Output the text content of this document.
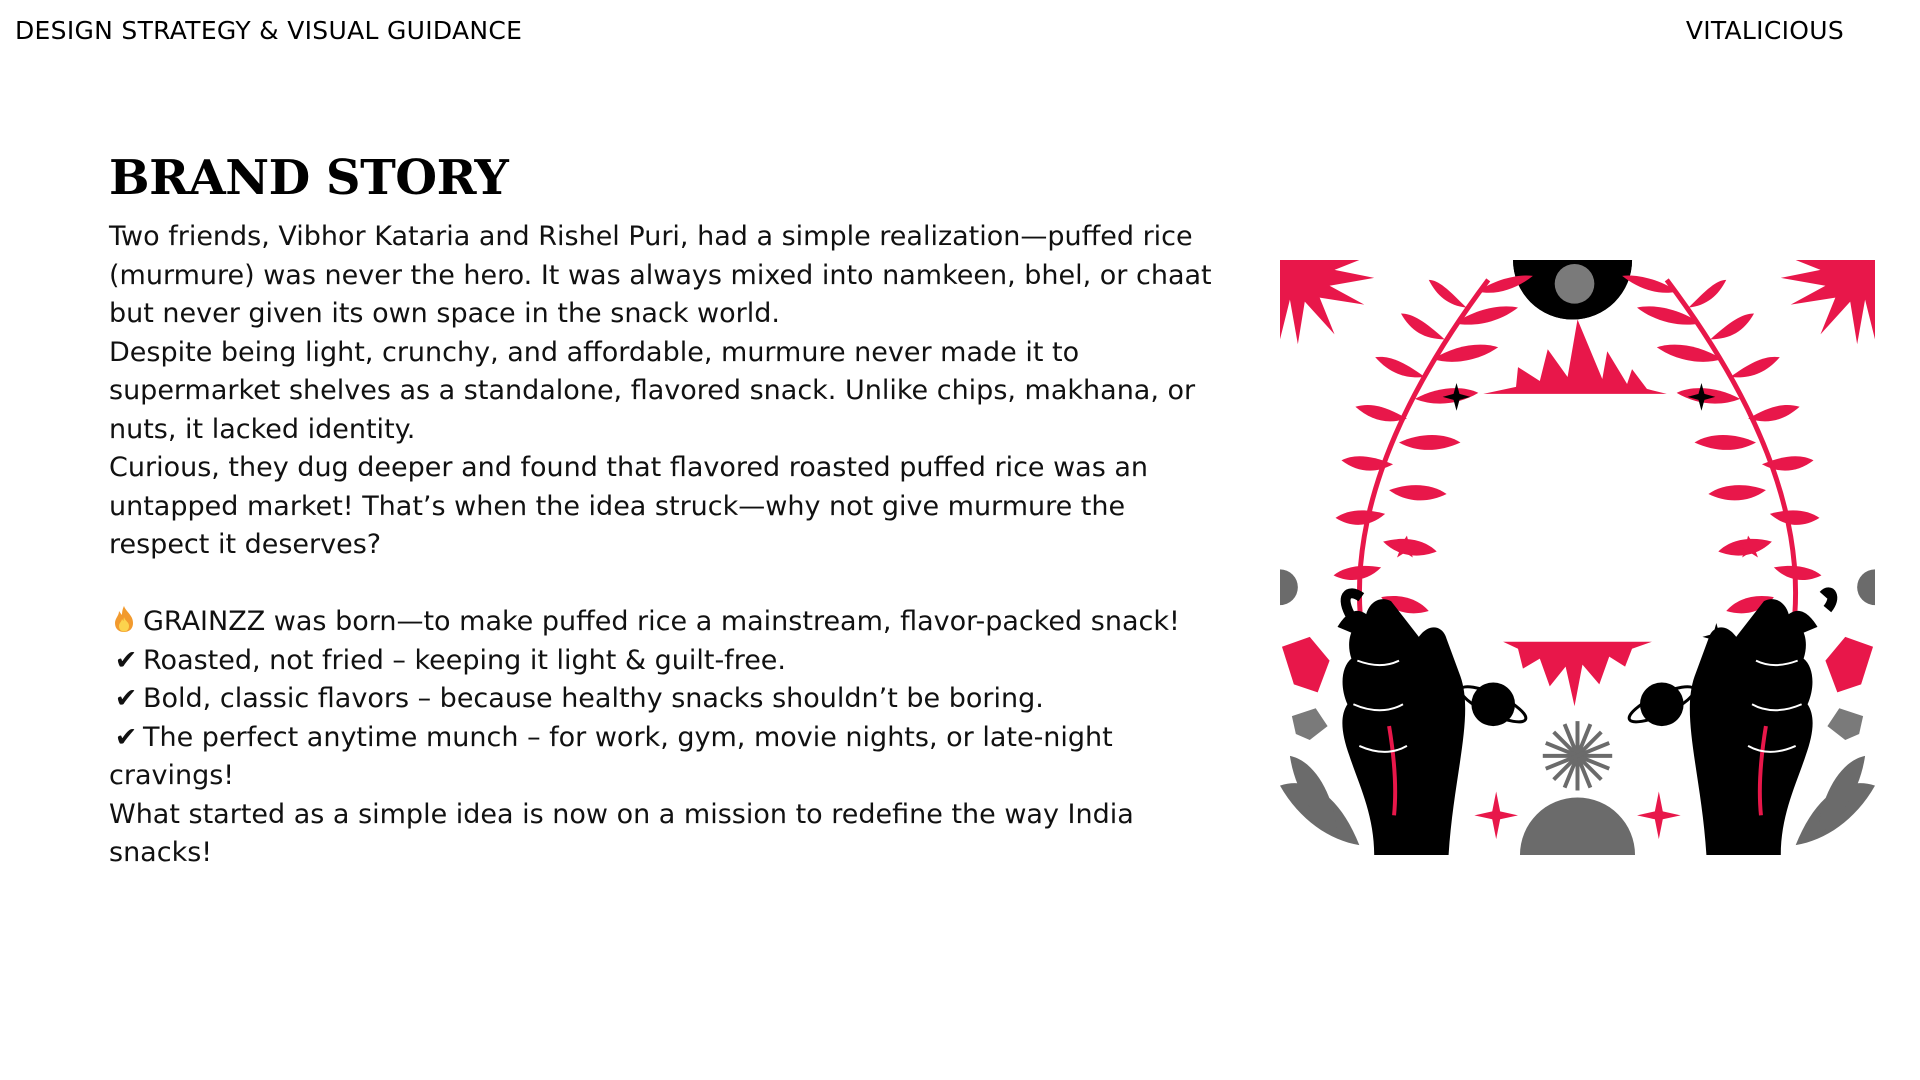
DESIGN STRATEGY & VISUAL GUIDANCE	VITALICIOUS
BRAND STORY

Two friends, Vibhor Kataria and Rishel Puri, had a simple realization—puffed rice (murmure) was never the hero. It was always mixed into namkeen, bhel, or chaat but never given its own space in the snack world.

Despite being light, crunchy, and affordable, murmure never made it to supermarket shelves as a standalone, flavored snack. Unlike chips, makhana, or nuts, it lacked identity.

Curious, they dug deeper and found that flavored roasted puffed rice was an untapped market! That’s when the idea struck—why not give murmure the respect it deserves?

GRAINZZ was born—to make puffed rice a mainstream, flavor-packed snack!

✔ Roasted, not fried – keeping it light & guilt-free.

✔ Bold, classic flavors – because healthy snacks shouldn’t be boring.

✔ The perfect anytime munch – for work, gym, movie nights, or late-night cravings!

What started as a simple idea is now on a mission to redefine the way India snacks!
